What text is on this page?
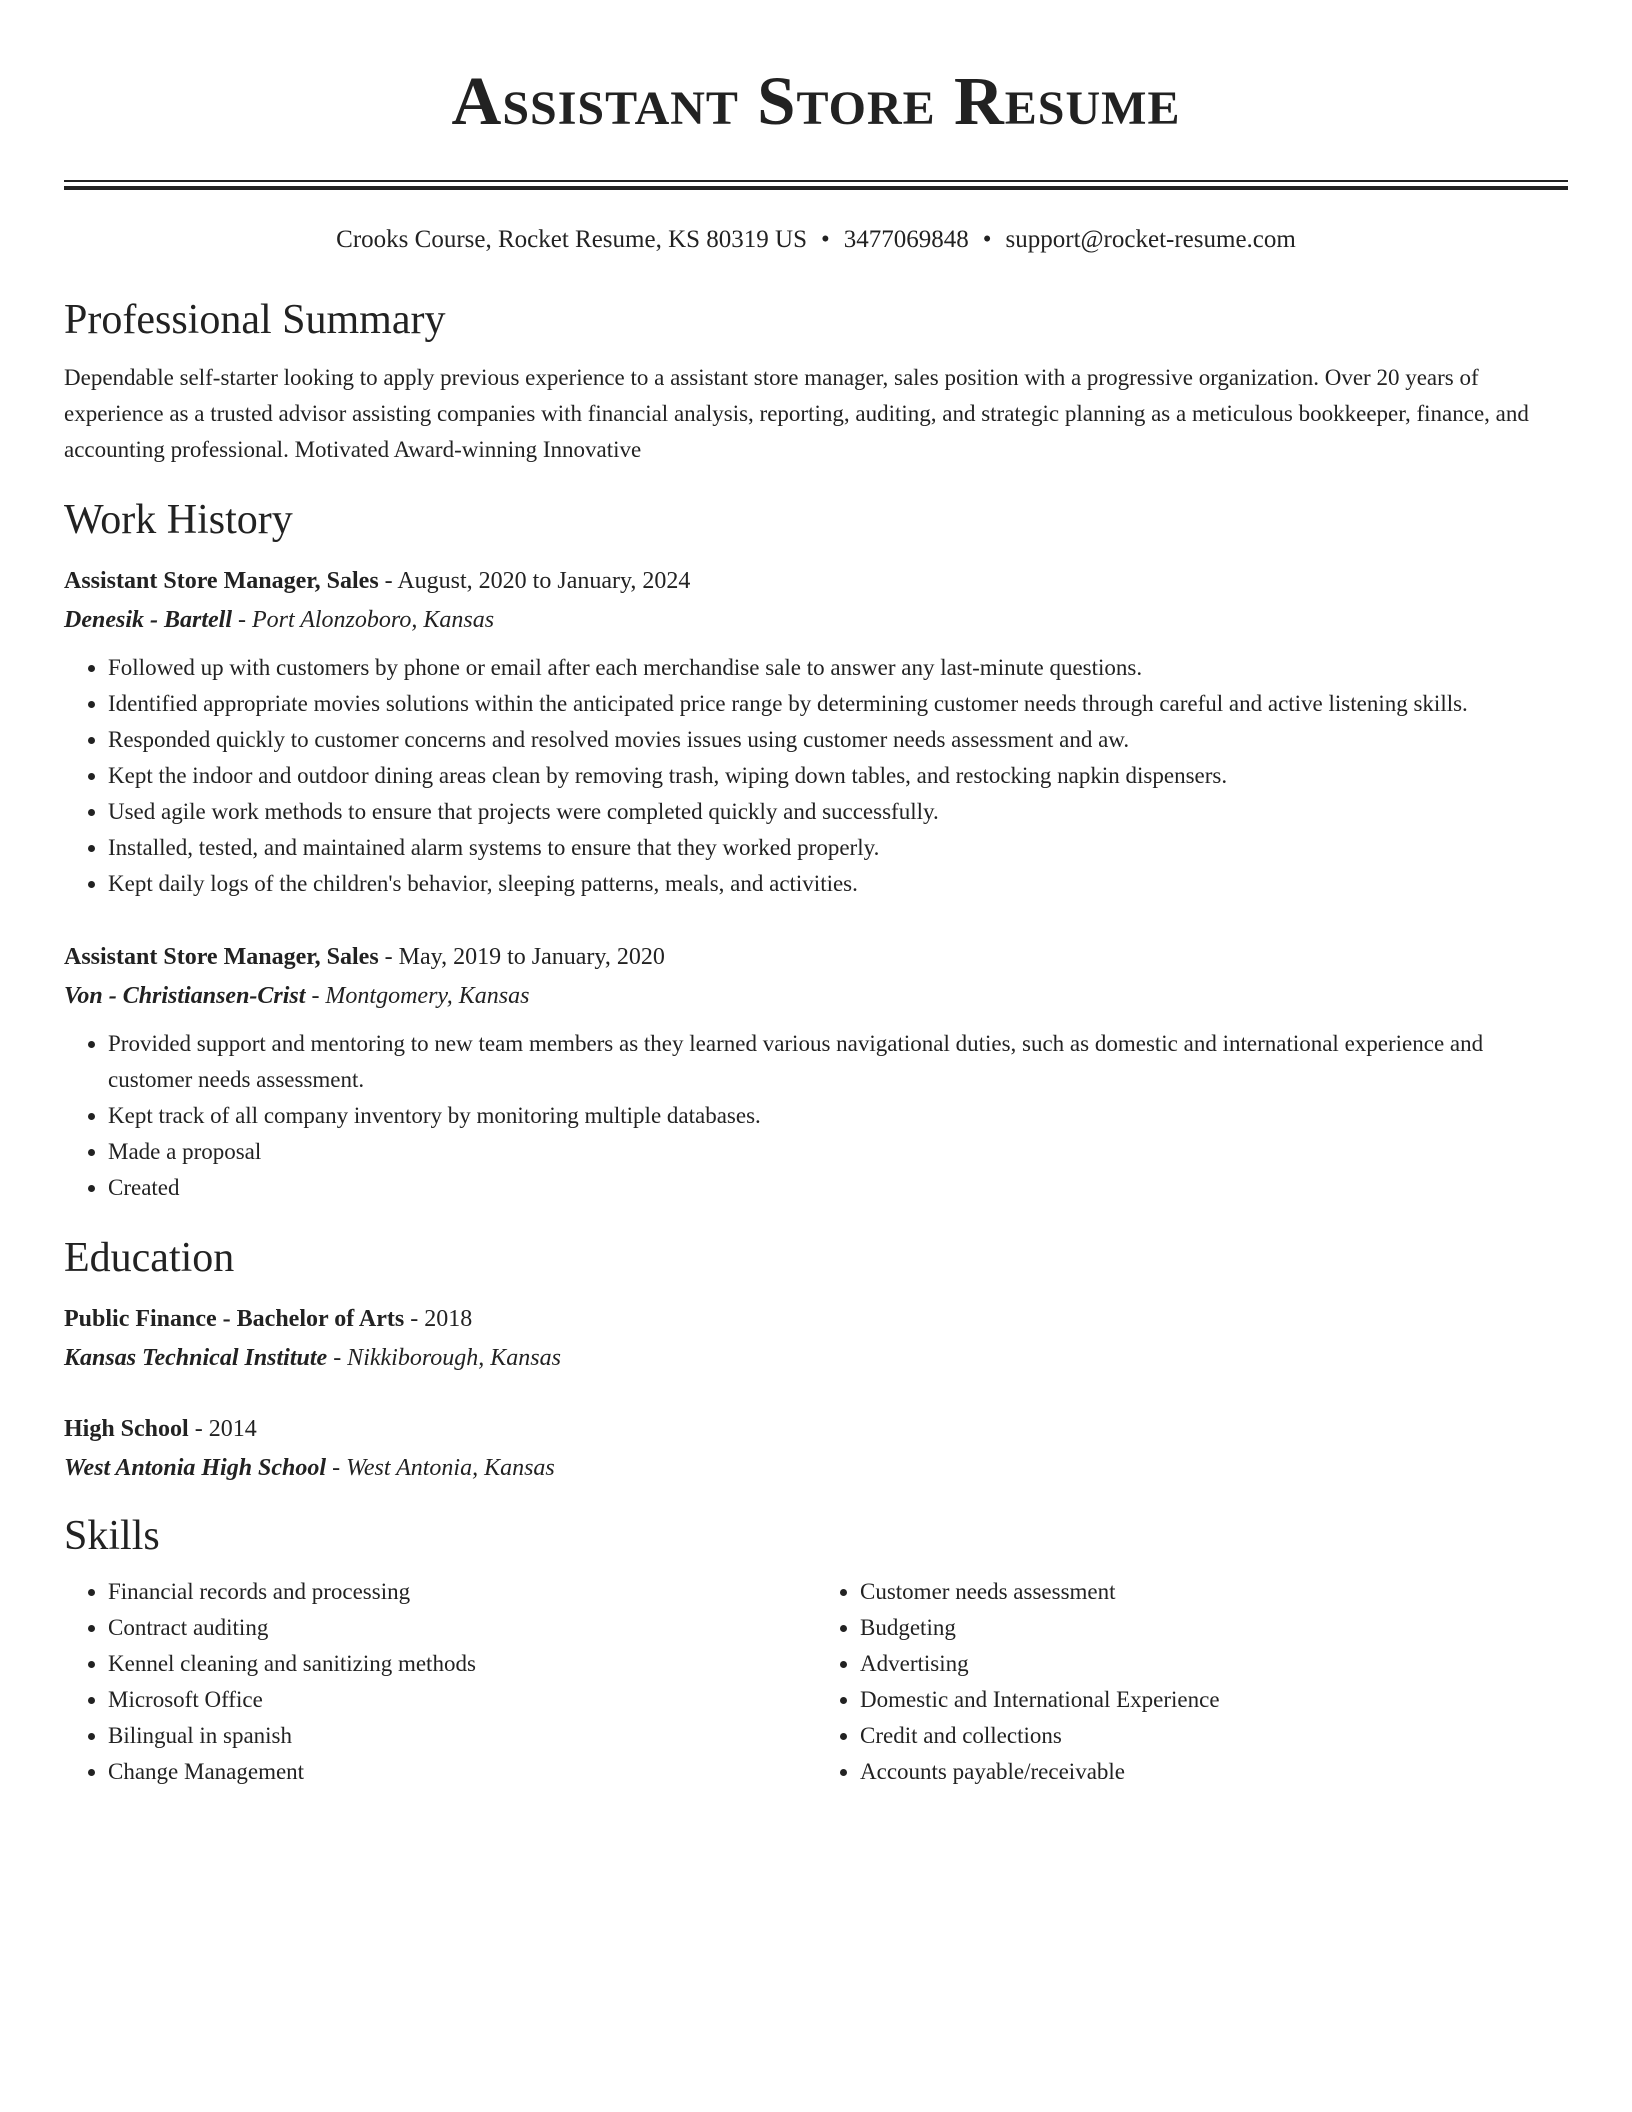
Assistant Store Resume
Crooks Course, Rocket Resume, KS 80319 US • 3477069848 • support@rocket-resume.com
Professional Summary
Dependable self-starter looking to apply previous experience to a assistant store manager, sales position with a progressive organization. Over 20 years of experience as a trusted advisor assisting companies with financial analysis, reporting, auditing, and strategic planning as a meticulous bookkeeper, finance, and accounting professional. Motivated Award-winning Innovative
Work History
Assistant Store Manager, Sales - August, 2020 to January, 2024
Denesik - Bartell - Port Alonzoboro, Kansas
• Followed up with customers by phone or email after each merchandise sale to answer any last-minute questions.
• Identified appropriate movies solutions within the anticipated price range by determining customer needs through careful and active listening skills.
• Responded quickly to customer concerns and resolved movies issues using customer needs assessment and aw.
• Kept the indoor and outdoor dining areas clean by removing trash, wiping down tables, and restocking napkin dispensers.
• Used agile work methods to ensure that projects were completed quickly and successfully.
• Installed, tested, and maintained alarm systems to ensure that they worked properly.
• Kept daily logs of the children's behavior, sleeping patterns, meals, and activities.
Assistant Store Manager, Sales - May, 2019 to January, 2020
Von - Christiansen-Crist - Montgomery, Kansas
• Provided support and mentoring to new team members as they learned various navigational duties, such as domestic and international experience and customer needs assessment.
• Kept track of all company inventory by monitoring multiple databases.
• Made a proposal
• Created
Education
Public Finance - Bachelor of Arts - 2018
Kansas Technical Institute - Nikkiborough, Kansas
High School - 2014
West Antonia High School - West Antonia, Kansas
Skills
• Financial records and processing
• Contract auditing
• Kennel cleaning and sanitizing methods
• Microsoft Office
• Bilingual in spanish
• Change Management
• Customer needs assessment
• Budgeting
• Advertising
• Domestic and International Experience
• Credit and collections
• Accounts payable/receivable
